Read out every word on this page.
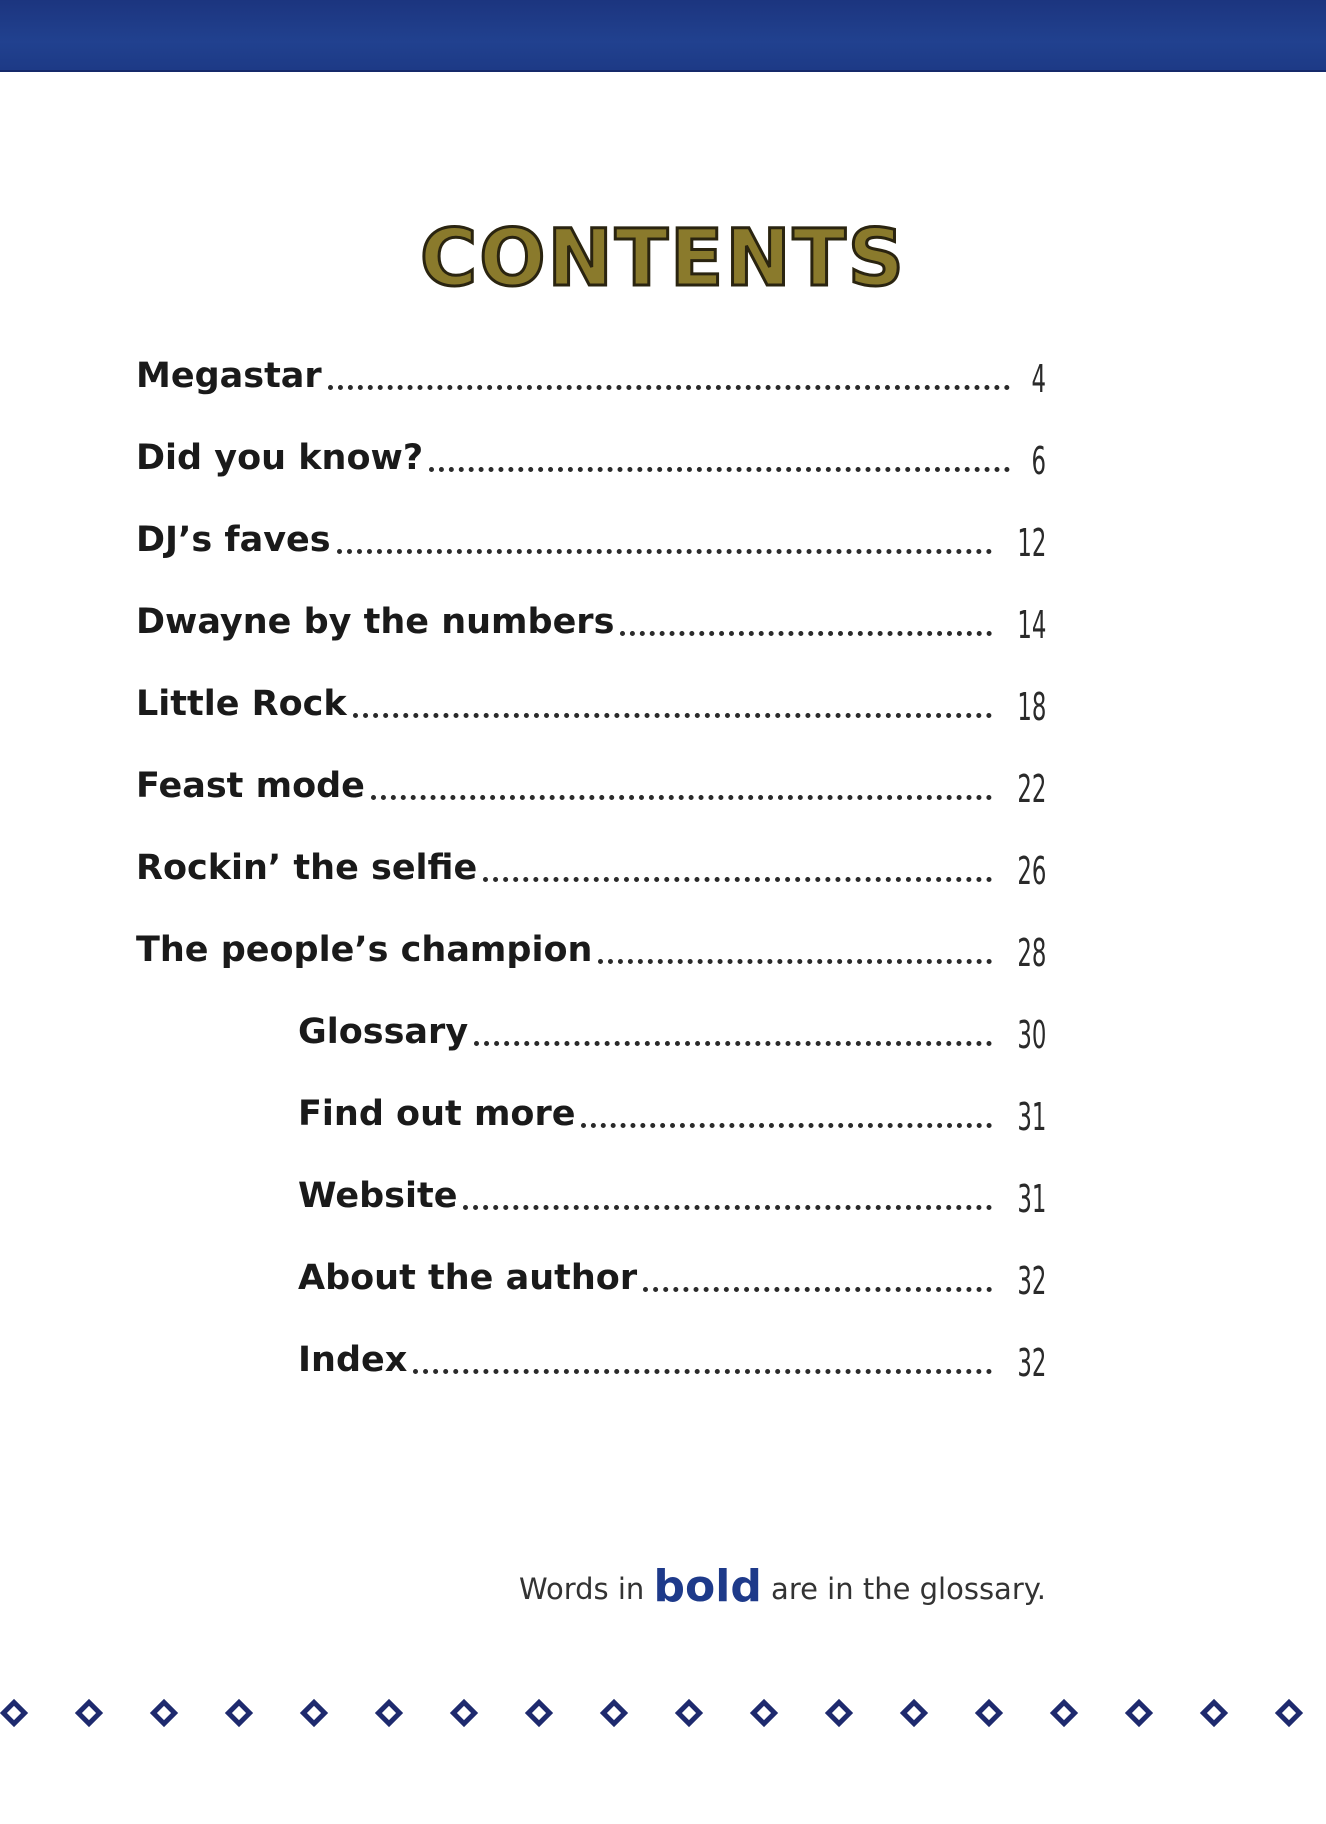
CONTENTS
Megastar	4
Did you know?	6
DJ’s faves	12
Dwayne by the numbers	14
Little Rock	18
Feast mode	22
Rockin’ the selfie	26
The people’s champion	28
Glossary	30
Find out more	31
Website	31
About the author	32
Index	32
Words in bold are in the glossary.
